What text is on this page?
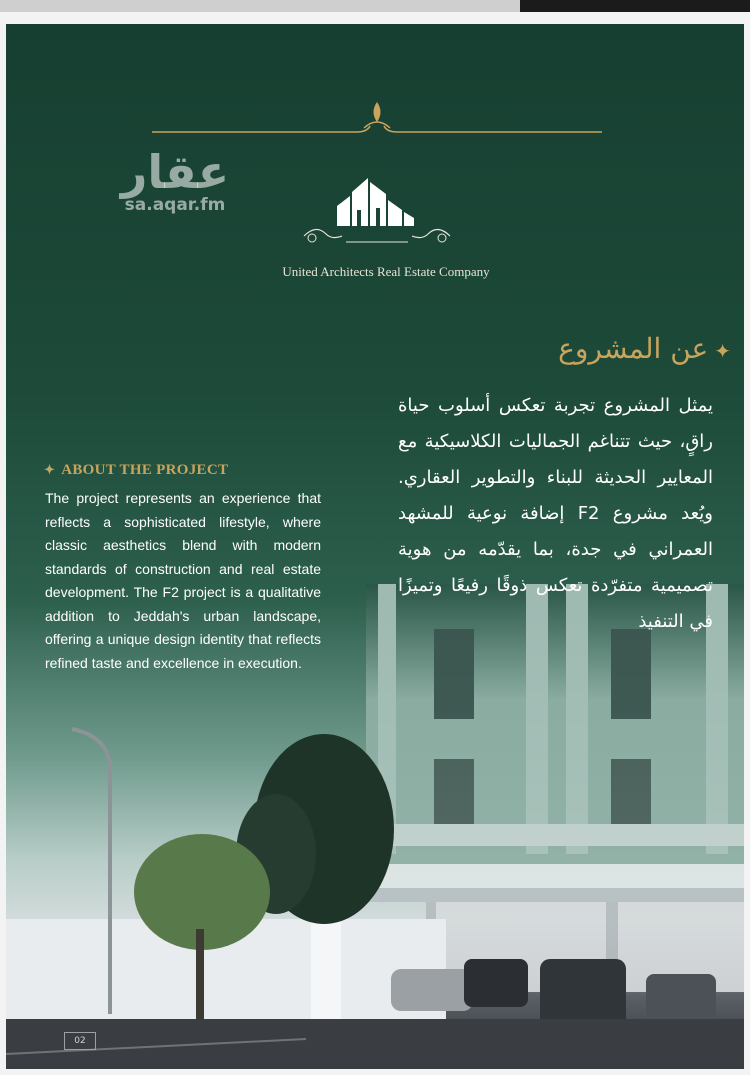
عقار
sa.aqar.fm
United Architects Real Estate Company
✦عن المشروع
يمثل المشروع تجربة تعكس أسلوب حياة راقٍ، حيث تتناغم الجماليات الكلاسيكية مع المعايير الحديثة للبناء والتطوير العقاري. ويُعد مشروع F2 إضافة نوعية للمشهد العمراني في جدة، بما يقدّمه من هوية تصميمية متفرّدة تعكس ذوقًا رفيعًا وتميزًا في التنفيذ
✦ ABOUT THE PROJECT
The project represents an experience that reflects a sophisticated lifestyle, where classic aesthetics blend with modern standards of construction and real estate development. The F2 project is a qualitative addition to Jeddah's urban landscape, offering a unique design identity that reflects refined taste and excellence in execution.
02
